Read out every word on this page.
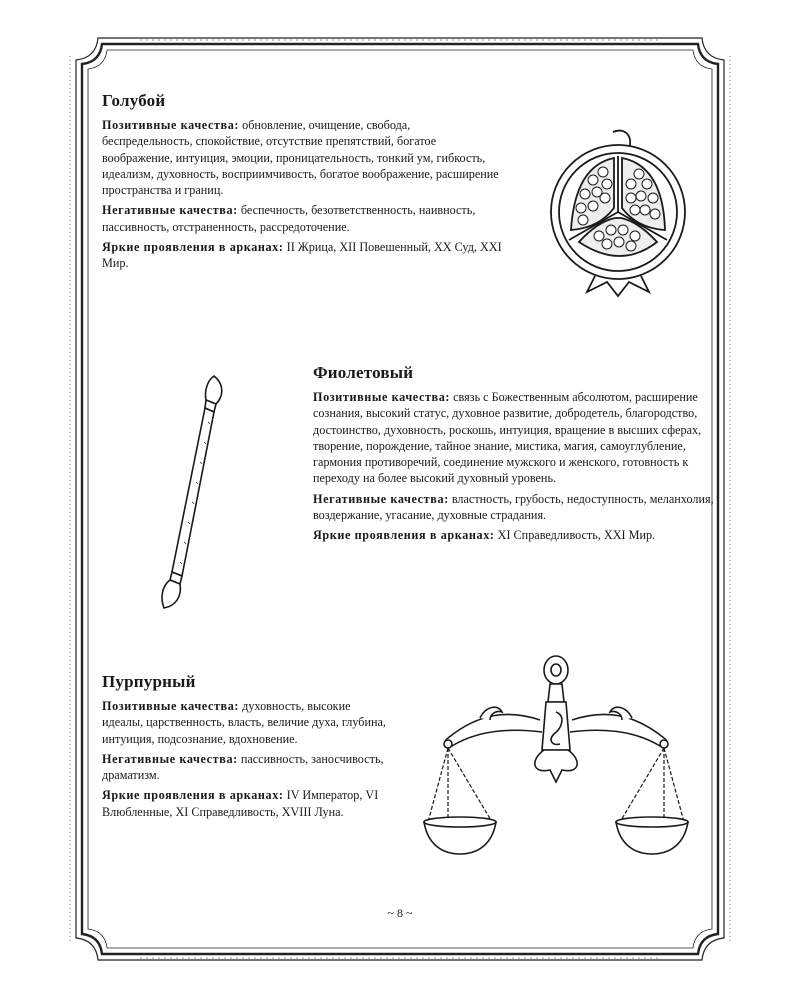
Голубой

Позитивные качества: обновление, очищение, свобода, беспредельность, спокойствие, отсутствие препятствий, богатое воображение, интуиция, эмоции, проницательность, тонкий ум, гибкость, идеализм, духовность, восприимчивость, богатое воображение, расширение пространства и границ.

Негативные качества: беспечность, безответственность, наивность, пассивность, отстраненность, рассредоточение.

Яркие проявления в арканах: II Жрица, XII Повешенный, XX Суд, XXI Мир.

Фиолетовый

Позитивные качества: связь с Божественным абсолютом, расширение сознания, высокий статус, духовное развитие, добродетель, благородство, достоинство, духовность, роскошь, интуиция, вращение в высших сферах, творение, порождение, тайное знание, мистика, магия, самоуглубление, гармония противоречий, соединение мужского и женского, готовность к переходу на более высокий духовный уровень.

Негативные качества: властность, грубость, недоступность, меланхолия, воздержание, угасание, духовные страдания.

Яркие проявления в арканах: XI Справедливость, XXI Мир.

Пурпурный

Позитивные качества: духовность, высокие идеалы, царственность, власть, величие духа, глубина, интуиция, подсознание, вдохновение.

Негативные качества: пассивность, заносчивость, драматизм.

Яркие проявления в арканах: IV Император, VI Влюбленные, XI Справедливость, XVIII Луна.

~ 8 ~
